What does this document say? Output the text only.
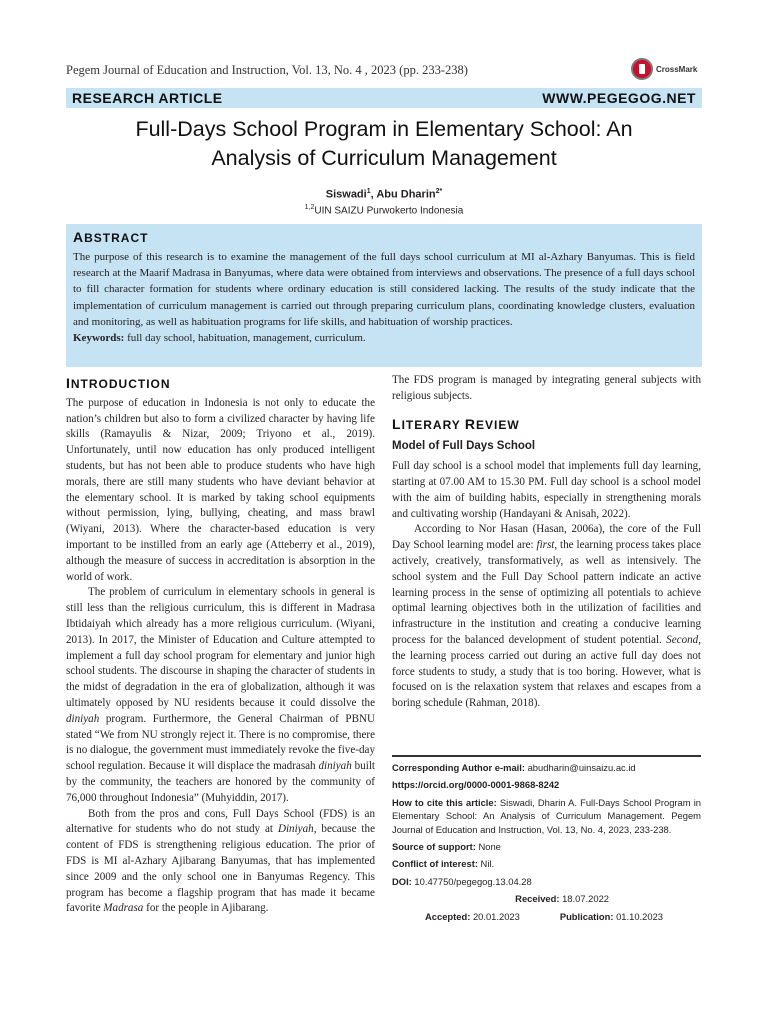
Pegem Journal of Education and Instruction, Vol. 13, No. 4 , 2023 (pp. 233-238)	CrossMark
RESEARCH ARTICLE	WWW.PEGEGOG.NET
Full-Days School Program in Elementary School: An
Analysis of Curriculum Management
Siswadi$^1$, Abu Dharin$^{2*}$
$^{1,2}$UIN SAIZU Purwokerto Indonesia
ABSTRACT

The purpose of this research is to examine the management of the full days school curriculum at MI al-Azhary Banyumas. This is field research at the Maarif Madrasa in Banyumas, where data were obtained from interviews and observations. The presence of a full days school to fill character formation for students where ordinary education is still considered lacking. The results of the study indicate that the implementation of curriculum management is carried out through preparing curriculum plans, coordinating knowledge clusters, evaluation and monitoring, as well as habituation programs for life skills, and habituation of worship practices.

Keywords: full day school, habituation, management, curriculum.
INTRODUCTION

The purpose of education in Indonesia is not only to educate the nation’s children but also to form a civilized character by having life skills (Ramayulis & Nizar, 2009; Triyono et al., 2019). Unfortunately, until now education has only produced intelligent students, but has not been able to produce students who have high morals, there are still many students who have deviant behavior at the elementary school. It is marked by taking school equipments without permission, lying, bullying, cheating, and mass brawl (Wiyani, 2013). Where the character-based education is very important to be instilled from an early age (Atteberry et al., 2019), although the measure of success in accreditation is absorption in the world of work.

The problem of curriculum in elementary schools in general is still less than the religious curriculum, this is different in Madrasa Ibtidaiyah which already has a more religious curriculum. (Wiyani, 2013). In 2017, the Minister of Education and Culture attempted to implement a full day school program for elementary and junior high school students. The discourse in shaping the character of students in the midst of degradation in the era of globalization, although it was ultimately opposed by NU residents because it could dissolve the diniyah program. Furthermore, the General Chairman of PBNU stated “We from NU strongly reject it. There is no compromise, there is no dialogue, the government must immediately revoke the five-day school regulation. Because it will displace the madrasah diniyah built by the community, the teachers are honored by the community of 76,000 throughout Indonesia” (Muhyiddin, 2017).

Both from the pros and cons, Full Days School (FDS) is an alternative for students who do not study at Diniyah, because the content of FDS is strengthening religious education. The prior of FDS is MI al-Azhary Ajibarang Banyumas, that has implemented since 2009 and the only school one in Banyumas Regency. This program has become a flagship program that has made it became favorite Madrasa for the people in Ajibarang.

The FDS program is managed by integrating general subjects with religious subjects.

LITERARY REVIEW
Model of Full Days School

Full day school is a school model that implements full day learning, starting at 07.00 AM to 15.30 PM. Full day school is a school model with the aim of building habits, especially in strengthening morals and cultivating worship (Handayani & Anisah, 2022).

According to Nor Hasan (Hasan, 2006a), the core of the Full Day School learning model are: first, the learning process takes place actively, creatively, transformatively, as well as intensively. The school system and the Full Day School pattern indicate an active learning process in the sense of optimizing all potentials to achieve optimal learning objectives both in the utilization of facilities and infrastructure in the institution and creating a conducive learning process for the balanced development of student potential. Second, the learning process carried out during an active full day does not force students to study, a study that is too boring. However, what is focused on is the relaxation system that relaxes and escapes from a boring schedule (Rahman, 2018).

Corresponding Author e-mail: abudharin@uinsaizu.ac.id
https://orcid.org/0000-0001-9868-8242
How to cite this article: Siswadi, Dharin A. Full-Days School Program in Elementary School: An Analysis of Curriculum Management. Pegem Journal of Education and Instruction, Vol. 13, No. 4, 2023, 233-238.
Source of support: None
Conflict of interest: Nil.
DOI: 10.47750/pegegog.13.04.28
Received: 18.07.2022
Accepted: 20.01.2023	Publication: 01.10.2023
